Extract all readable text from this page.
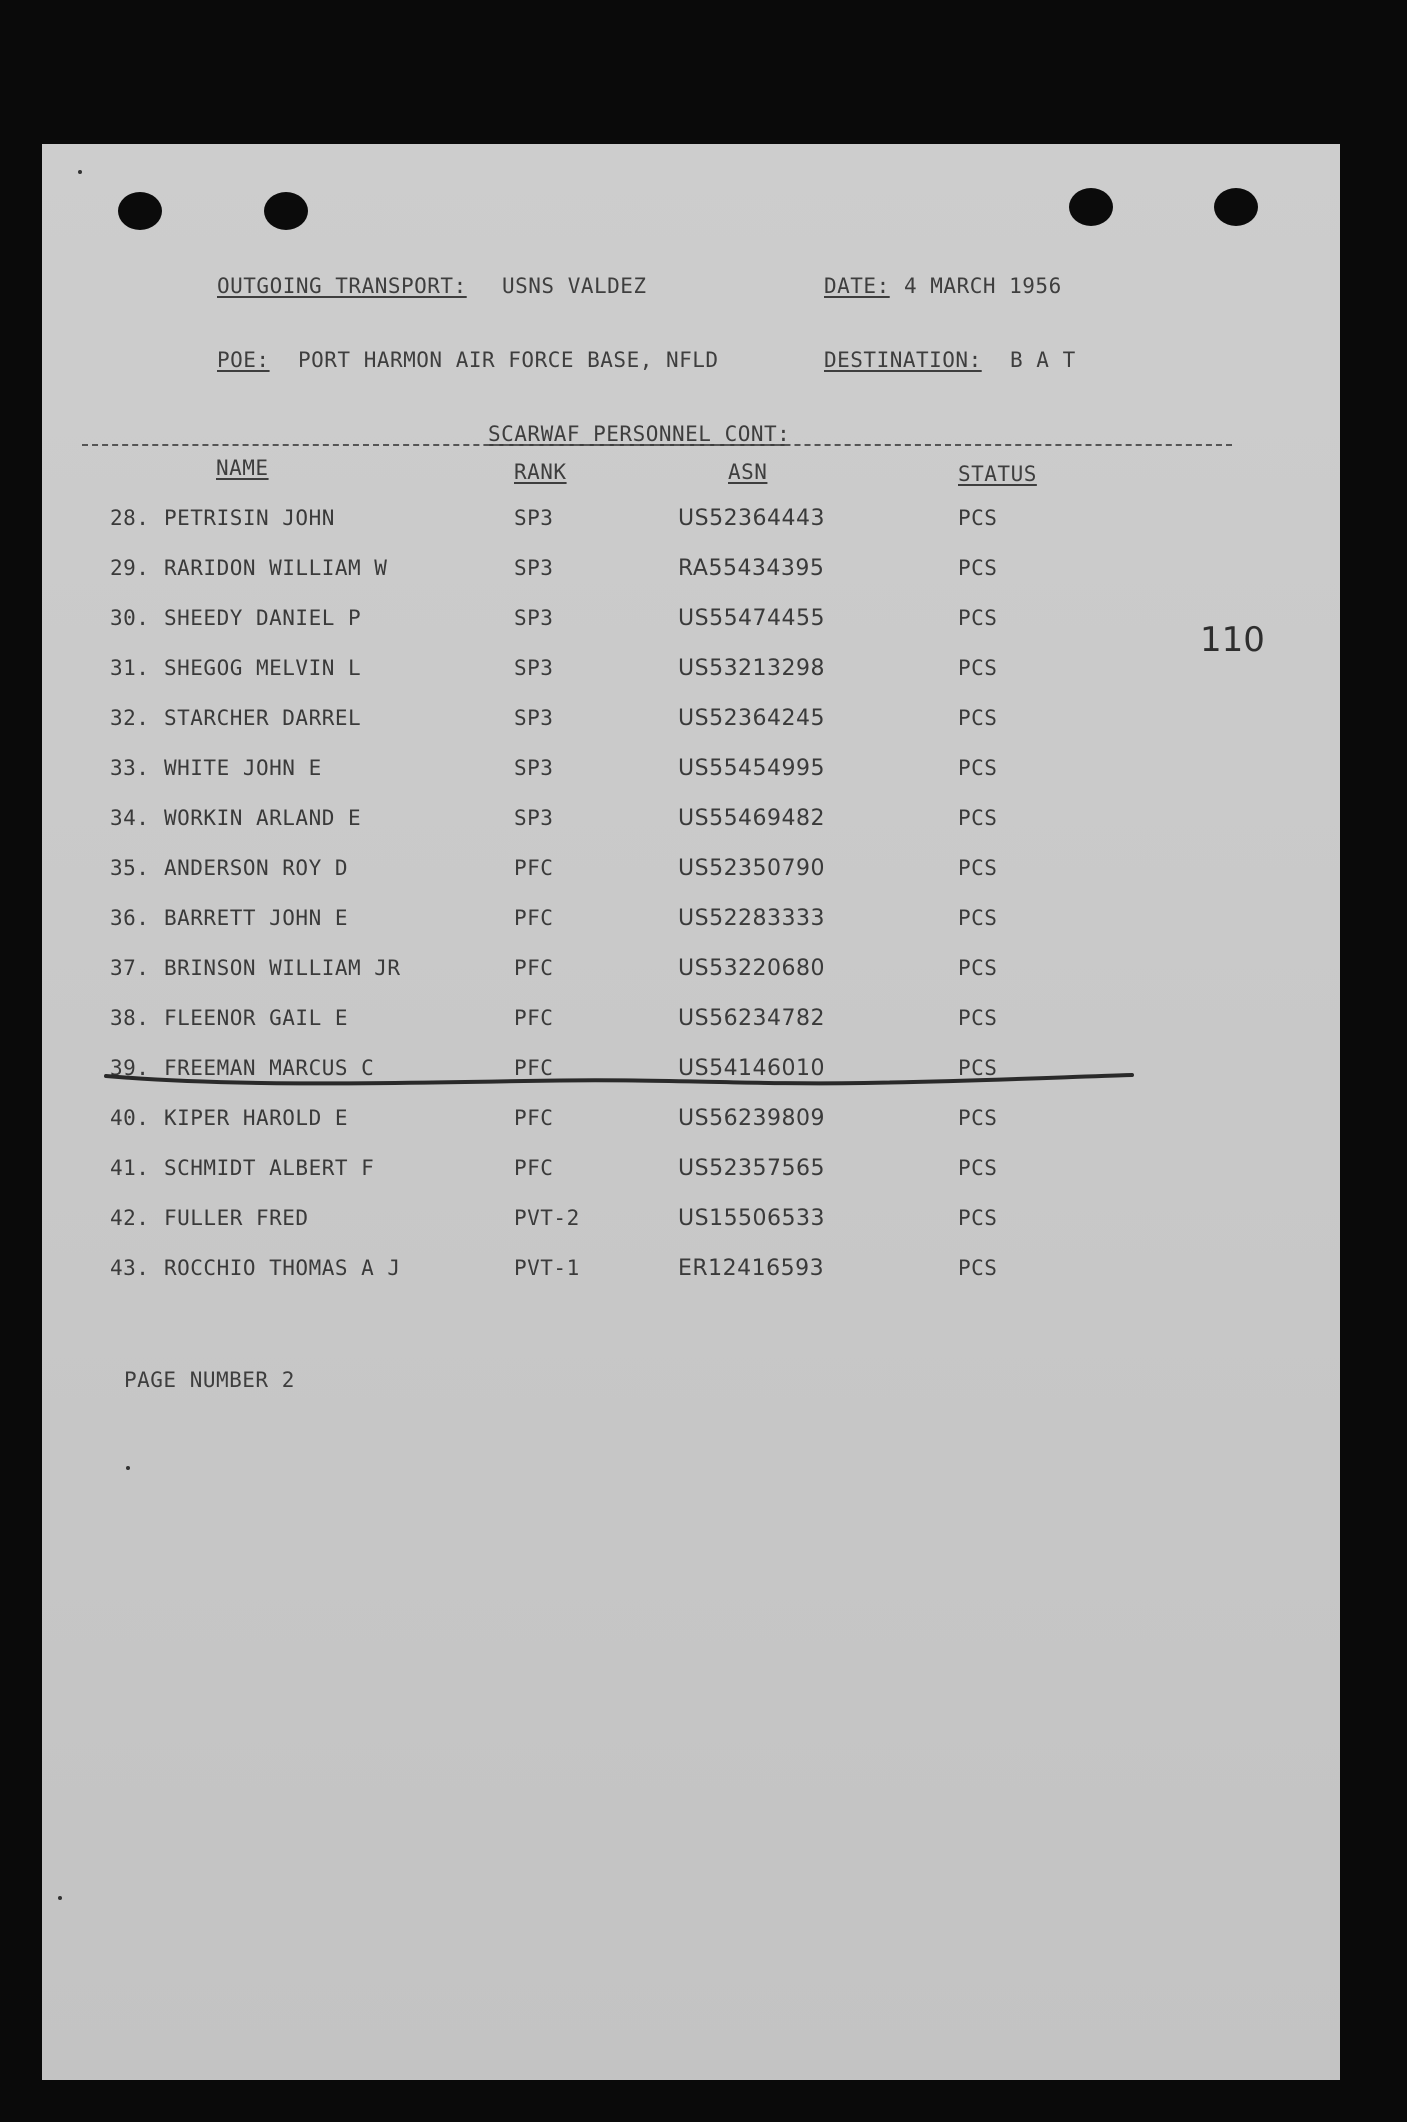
OUTGOING TRANSPORT: USNS VALDEZ	DATE: 4 MARCH 1956
POE: PORT HARMON AIR FORCE BASE, NFLD	DESTINATION: B A T
SCARWAF PERSONNEL CONT:
NAME	RANK	ASN	STATUS
110
28. PETRISIN JOHN	SP3	US52364443	PCS
29. RARIDON WILLIAM W	SP3	RA55434395	PCS
30. SHEEDY DANIEL P	SP3	US55474455	PCS
31. SHEGOG MELVIN L	SP3	US53213298	PCS
32. STARCHER DARREL	SP3	US52364245	PCS
33. WHITE JOHN E	SP3	US55454995	PCS
34. WORKIN ARLAND E	SP3	US55469482	PCS
35. ANDERSON ROY D	PFC	US52350790	PCS
36. BARRETT JOHN E	PFC	US52283333	PCS
37. BRINSON WILLIAM JR	PFC	US53220680	PCS
38. FLEENOR GAIL E	PFC	US56234782	PCS
39. FREEMAN MARCUS C	PFC	US54146010	PCS
40. KIPER HAROLD E	PFC	US56239809	PCS
41. SCHMIDT ALBERT F	PFC	US52357565	PCS
42. FULLER FRED	PVT-2	US15506533	PCS
43. ROCCHIO THOMAS A J	PVT-1	ER12416593	PCS
PAGE NUMBER 2
